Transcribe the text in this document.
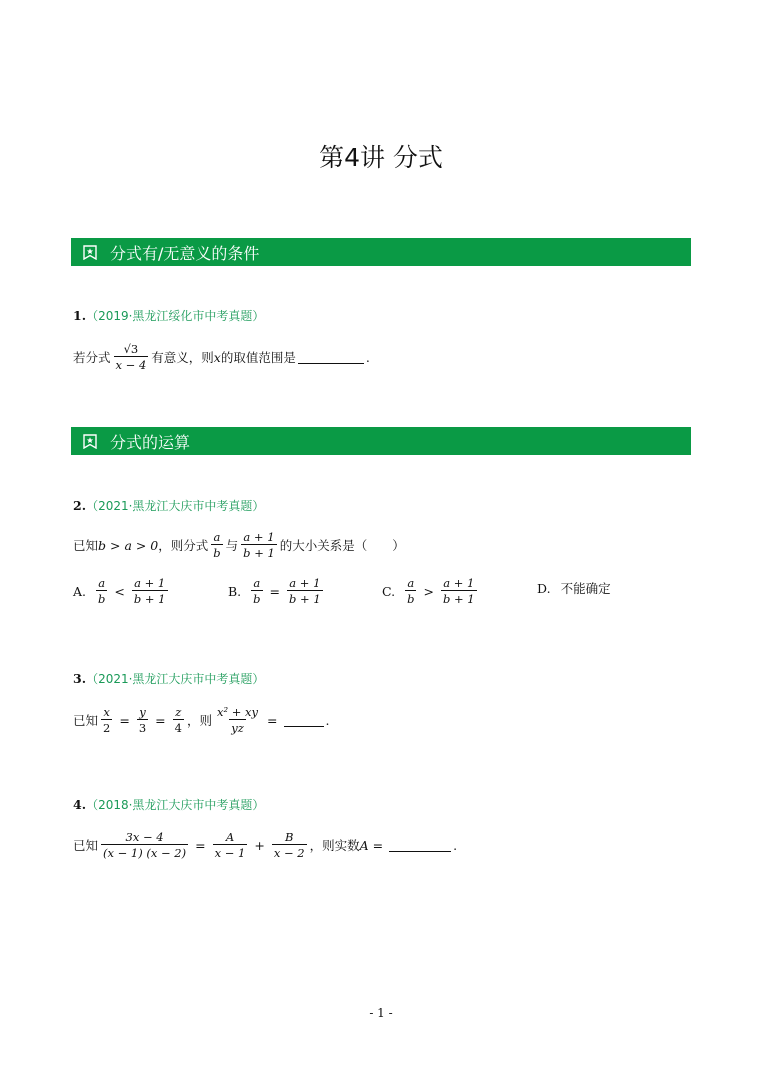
第4讲 分式
分式有/无意义的条件
1.（2019·黑龙江绥化市中考真题）
若分式 $\frac{√3}{x - 4}$ 有意义，则 x 的取值范围是	.
分式的运算
2.（2021·黑龙江大庆市中考真题）
已知 b > a > 0 ，则分式 $\frac{a}{b}$ 与 $\frac{a + 1}{b + 1}$ 的大小关系是（　　）
A. $\frac{a}{b} < \frac{a + 1}{b + 1}$	B. $\frac{a}{b} = \frac{a + 1}{b + 1}$	C. $\frac{a}{b} > \frac{a + 1}{b + 1}$	D. 不能确定
3.（2021·黑龙江大庆市中考真题）
已知 $\frac{x}{2} = \frac{y}{3} = \frac{z}{4}$ ，则 $\frac{\text{x² + xy}}{yz}$ =	.
4.（2018·黑龙江大庆市中考真题）
已知 $\frac{3x - 4}{(x - 1) (x - 2)} = \frac{A}{x - 1} + \frac{B}{x - 2}$ ，则实数 A =	.
- 1 -
